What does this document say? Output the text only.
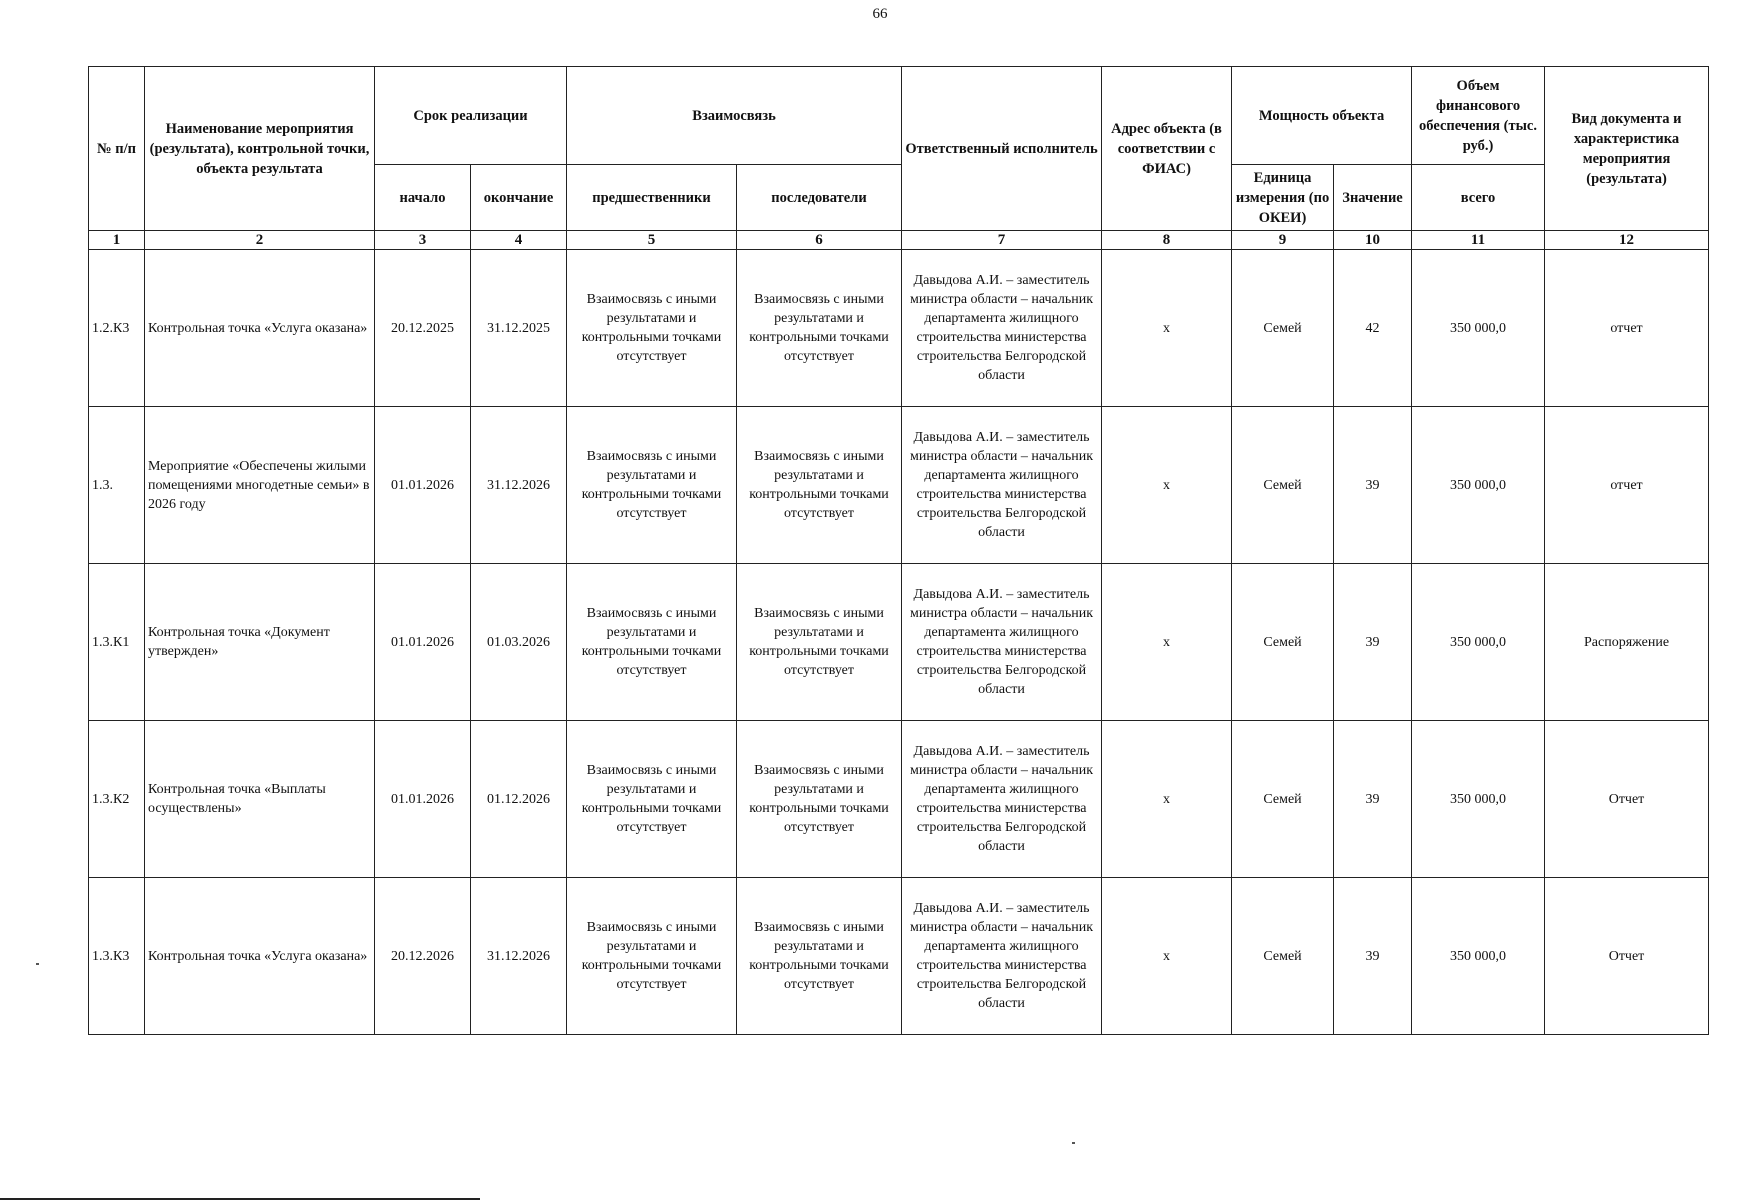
66
№ п/п	Наименование мероприятия (результата), контрольной точки, объекта результата	Срок реализации		Взаимосвязь		Ответственный исполнитель	Адрес объекта (в соответствии с ФИАС)	Мощность объекта		Объем финансового обеспечения (тыс. руб.)	Вид документа и характеристика мероприятия (результата)
		начало	окончание	предшественники	последователи			Единица измерения (по ОКЕИ)	Значение	всего	
1	2	3	4	5	6	7	8	9	10	11	12
1.2.К3	Контрольная точка «Услуга оказана»	20.12.2025	31.12.2025	Взаимосвязь с иными результатами и контрольными точками отсутствует	Взаимосвязь с иными результатами и контрольными точками отсутствует	Давыдова А.И. – заместитель министра области – начальник департамента жилищного строительства министерства строительства Белгородской области	х	Семей	42	350 000,0	отчет
1.3.	Мероприятие «Обеспечены жилыми помещениями многодетные семьи» в 2026 году	01.01.2026	31.12.2026	Взаимосвязь с иными результатами и контрольными точками отсутствует	Взаимосвязь с иными результатами и контрольными точками отсутствует	Давыдова А.И. – заместитель министра области – начальник департамента жилищного строительства министерства строительства Белгородской области	х	Семей	39	350 000,0	отчет
1.3.К1	Контрольная точка «Документ утвержден»	01.01.2026	01.03.2026	Взаимосвязь с иными результатами и контрольными точками отсутствует	Взаимосвязь с иными результатами и контрольными точками отсутствует	Давыдова А.И. – заместитель министра области – начальник департамента жилищного строительства министерства строительства Белгородской области	х	Семей	39	350 000,0	Распоряжение
1.3.К2	Контрольная точка «Выплаты осуществлены»	01.01.2026	01.12.2026	Взаимосвязь с иными результатами и контрольными точками отсутствует	Взаимосвязь с иными результатами и контрольными точками отсутствует	Давыдова А.И. – заместитель министра области – начальник департамента жилищного строительства министерства строительства Белгородской области	х	Семей	39	350 000,0	Отчет
1.3.К3	Контрольная точка «Услуга оказана»	20.12.2026	31.12.2026	Взаимосвязь с иными результатами и контрольными точками отсутствует	Взаимосвязь с иными результатами и контрольными точками отсутствует	Давыдова А.И. – заместитель министра области – начальник департамента жилищного строительства министерства строительства Белгородской области	х	Семей	39	350 000,0	Отчет
